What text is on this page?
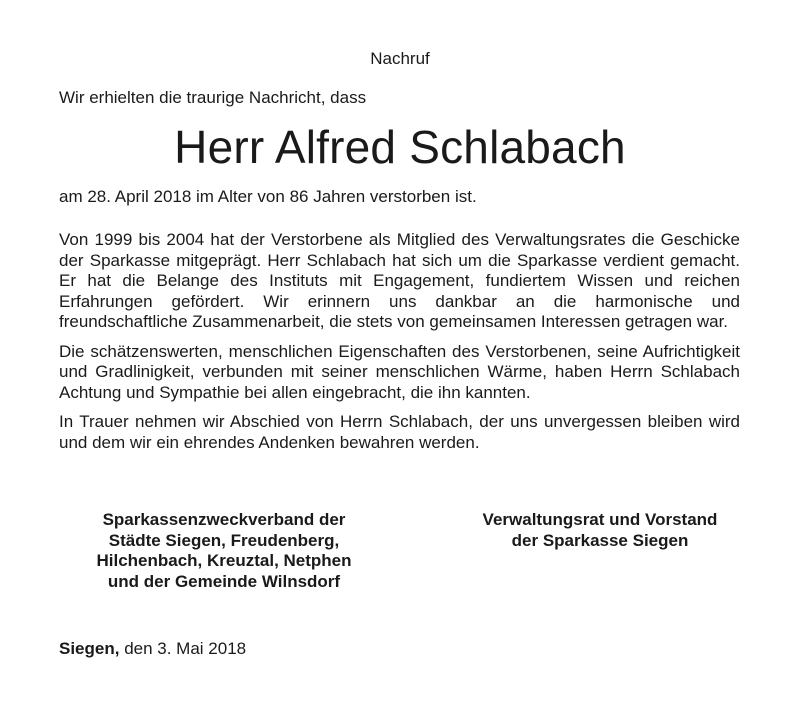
Nachruf
Wir erhielten die traurige Nachricht, dass
Herr Alfred Schlabach
am 28. April 2018 im Alter von 86 Jahren verstorben ist.

Von 1999 bis 2004 hat der Verstorbene als Mitglied des Verwaltungsrates die Geschicke der Sparkasse mitgeprägt. Herr Schlabach hat sich um die Sparkasse verdient gemacht. Er hat die Belange des Instituts mit Engagement, fundiertem Wissen und reichen Erfahrungen gefördert. Wir erinnern uns dankbar an die harmonische und freundschaftliche Zusammenarbeit, die stets von gemeinsamen Interessen getragen war.

Die schätzenswerten, menschlichen Eigenschaften des Verstorbenen, seine Aufrichtigkeit und Gradlinigkeit, verbunden mit seiner menschlichen Wärme, haben Herrn Schlabach Achtung und Sympathie bei allen eingebracht, die ihn kannten.

In Trauer nehmen wir Abschied von Herrn Schlabach, der uns unvergessen bleiben wird und dem wir ein ehrendes Andenken bewahren werden.

Sparkassenzweckverband der
Städte Siegen, Freudenberg,
Hilchenbach, Kreuztal, Netphen
und der Gemeinde Wilnsdorf
Verwaltungsrat und Vorstand
der Sparkasse Siegen
Siegen, den 3. Mai 2018
